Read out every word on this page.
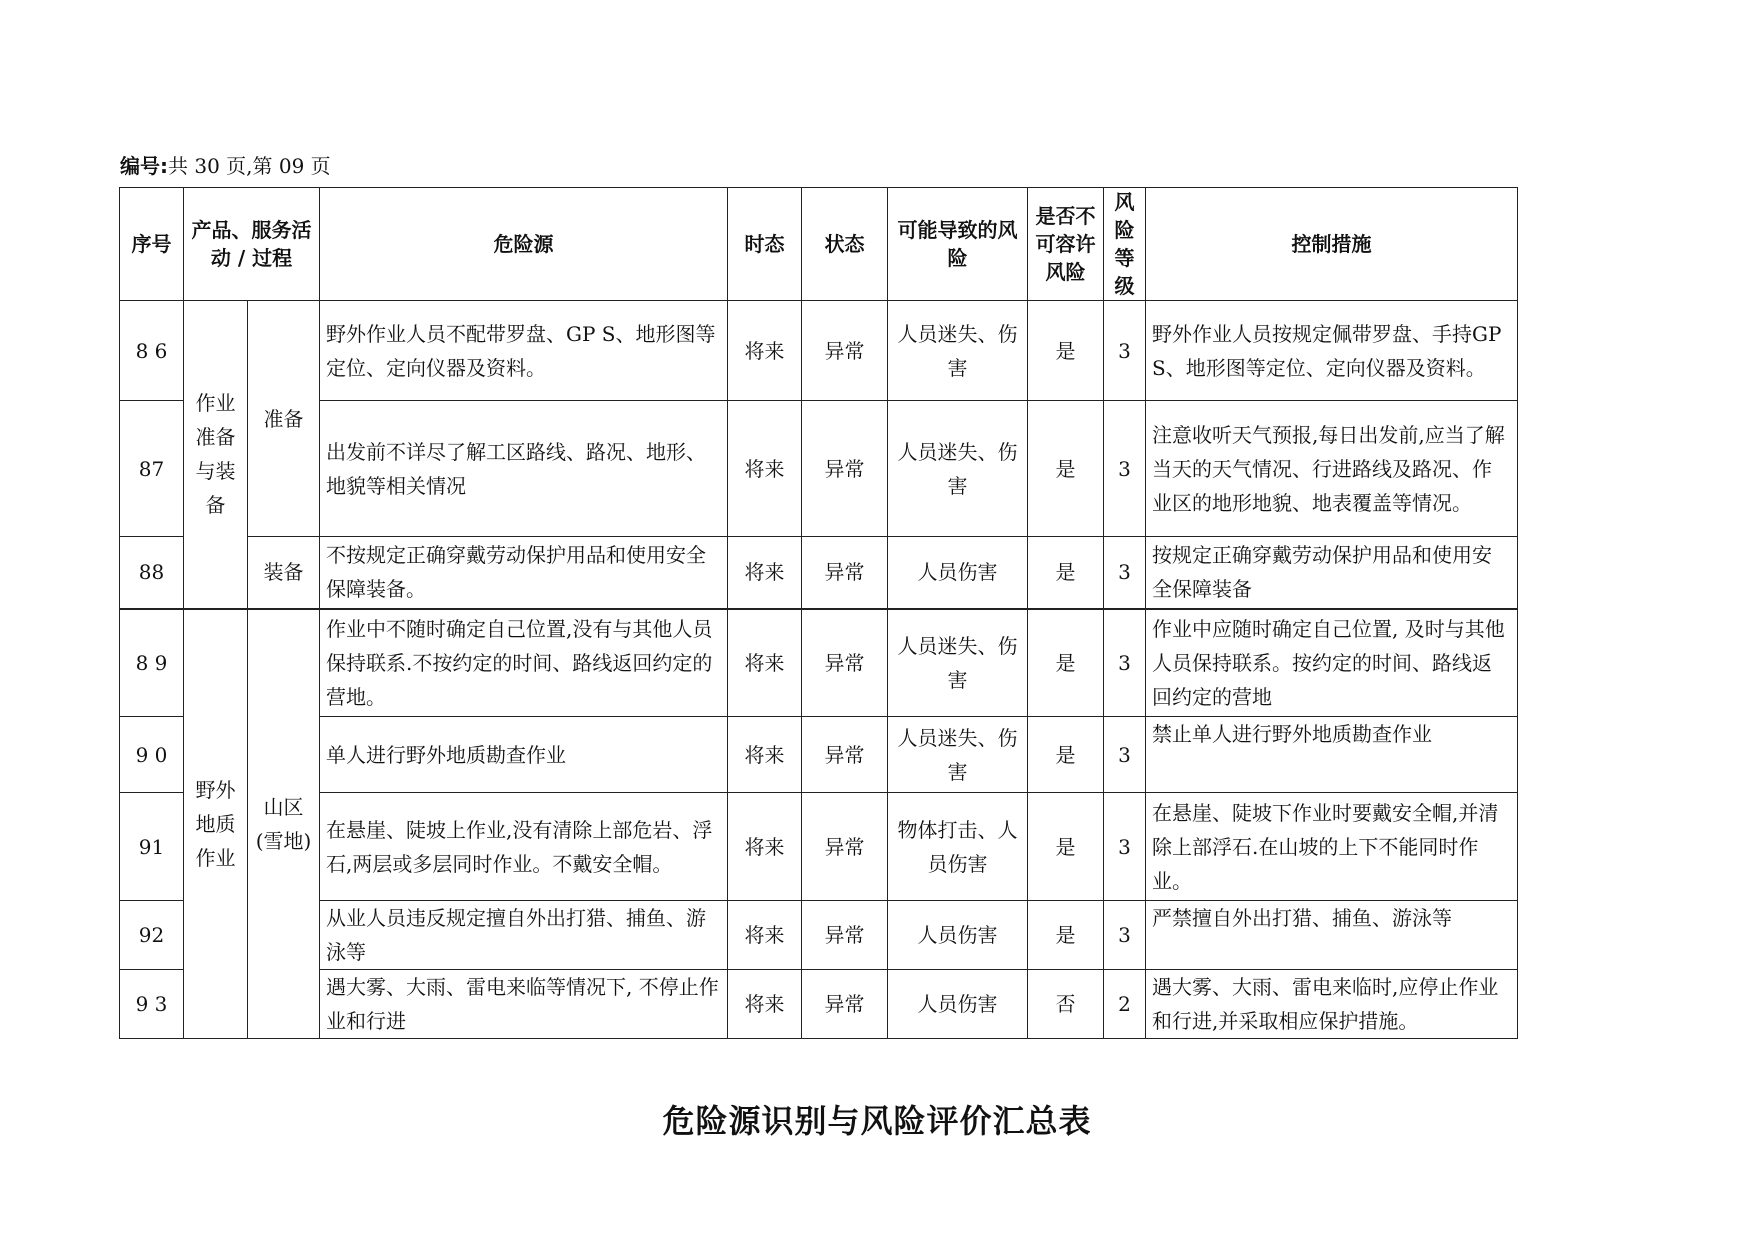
编号:共 30 页,第 09 页
序号	产品、服务活动 / 过程		危险源	时态	状态	可能导致的风险	是否不可容许风险	风险等级	控制措施
8 6	作业准备与装备	准备	野外作业人员不配带罗盘、GP S、地形图等定位、定向仪器及资料。	将来	异常	人员迷失、伤害	是	3	野外作业人员按规定佩带罗盘、手持GP S、地形图等定位、定向仪器及资料。
87			出发前不详尽了解工区路线、路况、地形、地貌等相关情况	将来	异常	人员迷失、伤害	是	3	注意收听天气预报,每日出发前,应当了解当天的天气情况、行进路线及路况、作业区的地形地貌、地表覆盖等情况。
88		装备	不按规定正确穿戴劳动保护用品和使用安全保障装备。	将来	异常	人员伤害	是	3	按规定正确穿戴劳动保护用品和使用安全保障装备
8 9	野外地质作业	山区(雪地)	作业中不随时确定自己位置,没有与其他人员保持联系.不按约定的时间、路线返回约定的营地。	将来	异常	人员迷失、伤害	是	3	作业中应随时确定自己位置, 及时与其他人员保持联系。按约定的时间、路线返回约定的营地
9 0			单人进行野外地质勘查作业	将来	异常	人员迷失、伤害	是	3	禁止单人进行野外地质勘查作业
91			在悬崖、陡坡上作业,没有清除上部危岩、浮石,两层或多层同时作业。不戴安全帽。	将来	异常	物体打击、人员伤害	是	3	在悬崖、陡坡下作业时要戴安全帽,并清除上部浮石.在山坡的上下不能同时作业。
92			从业人员违反规定擅自外出打猎、捕鱼、游泳等	将来	异常	人员伤害	是	3	严禁擅自外出打猎、捕鱼、游泳等
9 3			遇大雾、大雨、雷电来临等情况下, 不停止作业和行进	将来	异常	人员伤害	否	2	遇大雾、大雨、雷电来临时,应停止作业和行进,并采取相应保护措施。
危险源识别与风险评价汇总表
